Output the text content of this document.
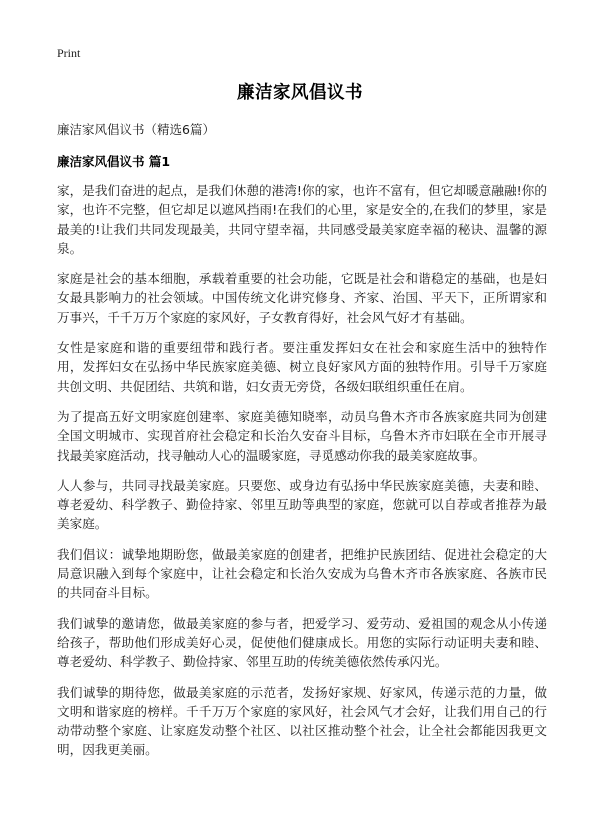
Print

廉洁家风倡议书

廉洁家风倡议书（精选6篇）

廉洁家风倡议书 篇1

家，是我们奋进的起点，是我们休憩的港湾!你的家，也许不富有，但它却暖意融融!你的家，也许不完整，但它却足以遮风挡雨!在我们的心里，家是安全的,在我们的梦里，家是最美的!让我们共同发现最美，共同守望幸福，共同感受最美家庭幸福的秘诀、温馨的源泉。

家庭是社会的基本细胞，承载着重要的社会功能，它既是社会和谐稳定的基础，也是妇女最具影响力的社会领域。中国传统文化讲究修身、齐家、治国、平天下，正所谓家和万事兴，千千万万个家庭的家风好，子女教育得好，社会风气好才有基础。

女性是家庭和谐的重要纽带和践行者。要注重发挥妇女在社会和家庭生活中的独特作用，发挥妇女在弘扬中华民族家庭美德、树立良好家风方面的独特作用。引导千万家庭共创文明、共促团结、共筑和谐，妇女责无旁贷，各级妇联组织重任在肩。

为了提高五好文明家庭创建率、家庭美德知晓率，动员乌鲁木齐市各族家庭共同为创建全国文明城市、实现首府社会稳定和长治久安奋斗目标，乌鲁木齐市妇联在全市开展寻找最美家庭活动，找寻触动人心的温暖家庭，寻觅感动你我的最美家庭故事。

人人参与，共同寻找最美家庭。只要您、或身边有弘扬中华民族家庭美德，夫妻和睦、尊老爱幼、科学教子、勤俭持家、邻里互助等典型的家庭，您就可以自荐或者推荐为最美家庭。

我们倡议：诚挚地期盼您，做最美家庭的创建者，把维护民族团结、促进社会稳定的大局意识融入到每个家庭中，让社会稳定和长治久安成为乌鲁木齐市各族家庭、各族市民的共同奋斗目标。

我们诚挚的邀请您，做最美家庭的参与者，把爱学习、爱劳动、爱祖国的观念从小传递给孩子，帮助他们形成美好心灵，促使他们健康成长。用您的实际行动证明夫妻和睦、尊老爱幼、科学教子、勤俭持家、邻里互助的传统美德依然传承闪光。

我们诚挚的期待您，做最美家庭的示范者，发扬好家规、好家风，传递示范的力量，做文明和谐家庭的榜样。千千万万个家庭的家风好，社会风气才会好，让我们用自己的行动带动整个家庭、让家庭发动整个社区、以社区推动整个社会，让全社会都能因我更文明，因我更美丽。
